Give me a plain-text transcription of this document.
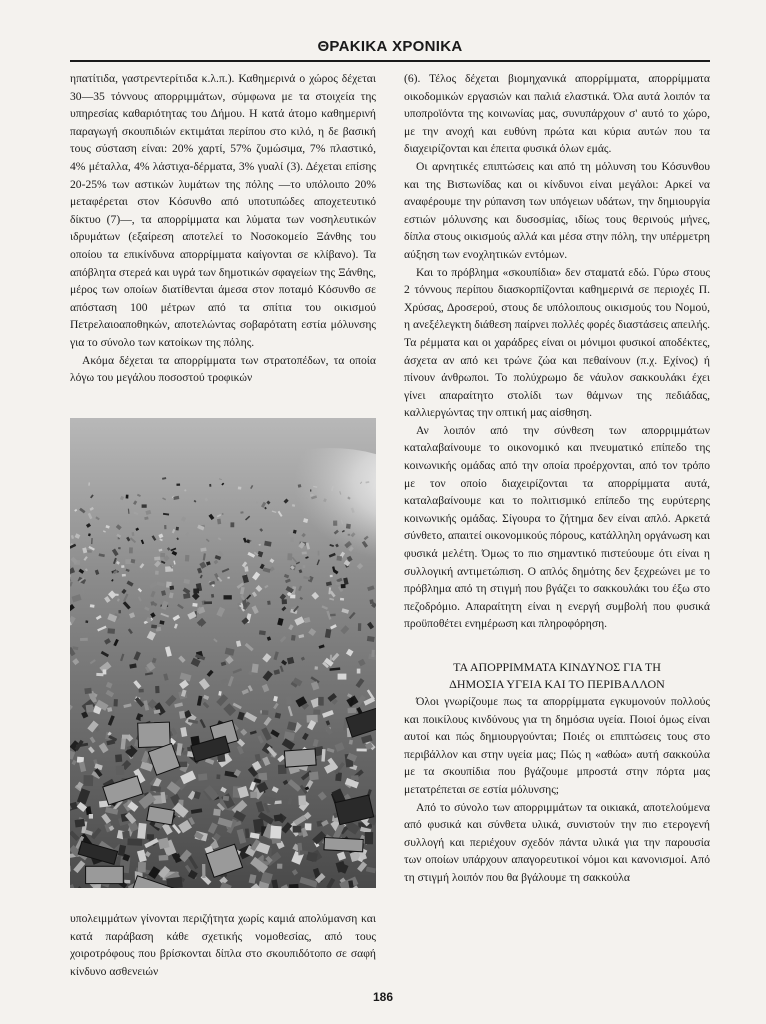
ΘΡΑΚΙΚΑ ΧΡΟΝΙΚΑ

ηπατίτιδα, γαστρεντερίτιδα κ.λ.π.). Καθημερινά ο χώρος δέχεται 30—35 τόννους απορριμμάτων, σύμφωνα με τα στοιχεία της υπηρεσίας καθαριότητας του Δήμου. Η κατά άτομο καθημερινή παραγωγή σκουπιδιών εκτιμάται περίπου στο κιλό, η δε βασική τους σύσταση είναι: 20% χαρτί, 57% ζυμώσιμα, 7% πλαστικό, 4% μέταλλα, 4% λάστιχα-δέρματα, 3% γυαλί (3). Δέχεται επίσης 20-25% των αστικών λυμάτων της πόλης —το υπόλοιπο 20% μεταφέρεται στον Κόσυνθο από υποτυπώδες αποχετευτικό δίκτυο (7)—, τα απορρίμματα και λύματα των νοσηλευτικών ιδρυμάτων (εξαίρεση αποτελεί το Νοσοκομείο Ξάνθης του οποίου τα επικίνδυνα απορρίμματα καίγονται σε κλίβανο). Τα απόβλητα στερεά και υγρά των δημοτικών σφαγείων της Ξάνθης, μέρος των οποίων διατίθενται άμεσα στον ποταμό Κόσυνθο σε απόσταση 100 μέτρων από τα σπίτια του οικισμού Πετρελαιοαποθηκών, αποτελώντας σοβαρότατη εστία μόλυνσης για το σύνολο των κατοίκων της πόλης.

Ακόμα δέχεται τα απορρίμματα των στρατοπέδων, τα οποία λόγω του μεγάλου ποσοστού τροφικών

υπολειμμάτων γίνονται περιζήτητα χωρίς καμιά απολύμανση και κατά παράβαση κάθε σχετικής νομοθεσίας, από τους χοιροτρόφους που βρίσκονται δίπλα στο σκουπιδότοπο σε σαφή κίνδυνο ασθενειών

(6). Τέλος δέχεται βιομηχανικά απορρίμματα, απορρίμματα οικοδομικών εργασιών και παλιά ελαστικά. Όλα αυτά λοιπόν τα υποπροϊόντα της κοινωνίας μας, συνυπάρχουν σ' αυτό το χώρο, με την ανοχή και ευθύνη πρώτα και κύρια αυτών που τα διαχειρίζονται και έπειτα φυσικά όλων εμάς.

Οι αρνητικές επιπτώσεις και από τη μόλυνση του Κόσυνθου και της Βιστωνίδας και οι κίνδυνοι είναι μεγάλοι: Αρκεί να αναφέρουμε την ρύπανση των υπόγειων υδάτων, την δημιουργία εστιών μόλυνσης και δυσοσμίας, ιδίως τους θερινούς μήνες, δίπλα στους οικισμούς αλλά και μέσα στην πόλη, την υπέρμετρη αύξηση των ενοχλητικών εντόμων.

Και το πρόβλημα «σκουπίδια» δεν σταματά εδώ. Γύρω στους 2 τόννους περίπου διασκορπίζονται καθημερινά σε περιοχές Π. Χρύσας, Δροσερού, στους δε υπόλοιπους οικισμούς του Νομού, η ανεξέλεγκτη διάθεση παίρνει πολλές φορές διαστάσεις απειλής. Τα ρέμματα και οι χαράδρες είναι οι μόνιμοι φυσικοί αποδέκτες, άσχετα αν από κει τρώνε ζώα και πεθαίνουν (π.χ. Εχίνος) ή πίνουν άνθρωποι. Το πολύχρωμο δε νάυλον σακκουλάκι έχει γίνει απαραίτητο στολίδι των θάμνων της πεδιάδας, καλλιεργώντας την οπτική μας αίσθηση.

Αν λοιπόν από την σύνθεση των απορριμμάτων καταλαβαίνουμε το οικονομικό και πνευματικό επίπεδο της κοινωνικής ομάδας από την οποία προέρχονται, από τον τρόπο με τον οποίο διαχειρίζονται τα απορρίμματα αυτά, καταλαβαίνουμε και το πολιτισμικό επίπεδο της ευρύτερης κοινωνικής ομάδας. Σίγουρα το ζήτημα δεν είναι απλό. Αρκετά σύνθετο, απαιτεί οικονομικούς πόρους, κατάλληλη οργάνωση και φυσικά μελέτη. Όμως το πιο σημαντικό πιστεύουμε ότι είναι η συλλογική αντιμετώπιση. Ο απλός δημότης δεν ξεχρεώνει με το πρόβλημα από τη στιγμή που βγάζει το σακκουλάκι του έξω στο πεζοδρόμιο. Απαραίτητη είναι η ενεργή συμβολή που φυσικά προϋποθέτει ενημέρωση και πληροφόρηση.

ΤΑ ΑΠΟΡΡΙΜΜΑΤΑ ΚΙΝΔΥΝΟΣ ΓΙΑ ΤΗ
ΔΗΜΟΣΙΑ ΥΓΕΙΑ ΚΑΙ ΤΟ ΠΕΡΙΒΑΛΛΟΝ

Όλοι γνωρίζουμε πως τα απορρίμματα εγκυμονούν πολλούς και ποικίλους κινδύνους για τη δημόσια υγεία. Ποιοί όμως είναι αυτοί και πώς δημιουργούνται; Ποιές οι επιπτώσεις τους στο περιβάλλον και στην υγεία μας; Πώς η «αθώα» αυτή σακκούλα με τα σκουπίδια που βγάζουμε μπροστά στην πόρτα μας μετατρέπεται σε εστία μόλυνσης;

Από το σύνολο των απορριμμάτων τα οικιακά, αποτελούμενα από φυσικά και σύνθετα υλικά, συνιστούν την πιο ετερογενή συλλογή και περιέχουν σχεδόν πάντα υλικά για την παρουσία των οποίων υπάρχουν απαγορευτικοί νόμοι και κανονισμοί. Από τη στιγμή λοιπόν που θα βγάλουμε τη σακκούλα

186
